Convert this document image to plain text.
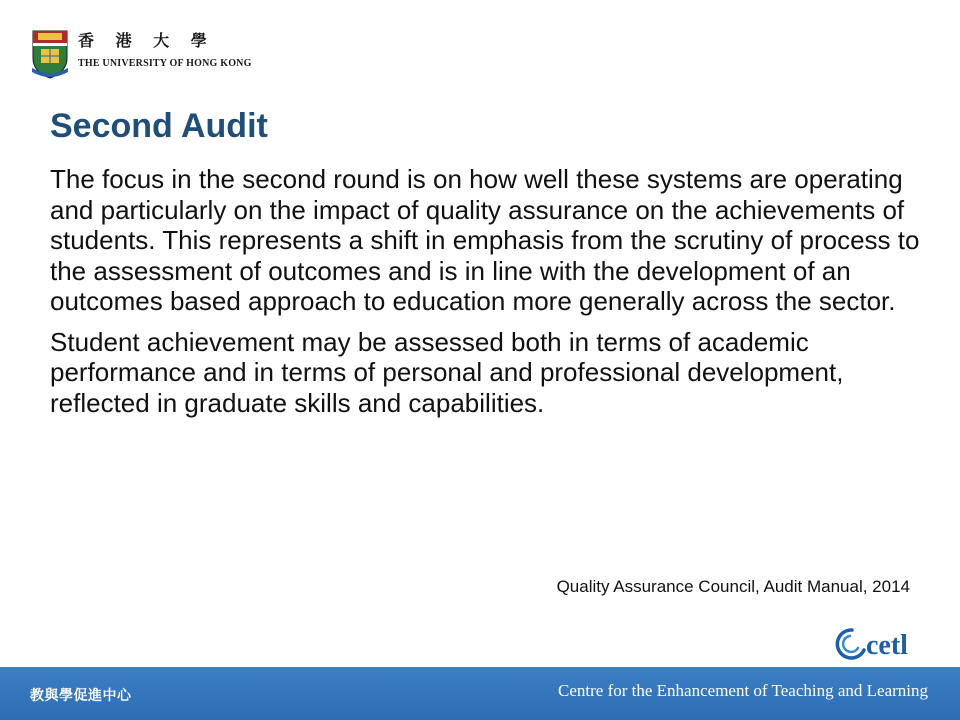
香 港 大 學
THE UNIVERSITY OF HONG KONG
Second Audit

The focus in the second round is on how well these systems are operating and particularly on the impact of quality assurance on the achievements of students. This represents a shift in emphasis from the scrutiny of process to the assessment of outcomes and is in line with the development of an outcomes based approach to education more generally across the sector.

Student achievement may be assessed both in terms of academic performance and in terms of personal and professional development, reflected in graduate skills and capabilities.

Quality Assurance Council, Audit Manual, 2014
cetl
教與學促進中心	Centre for the Enhancement of Teaching and Learning
